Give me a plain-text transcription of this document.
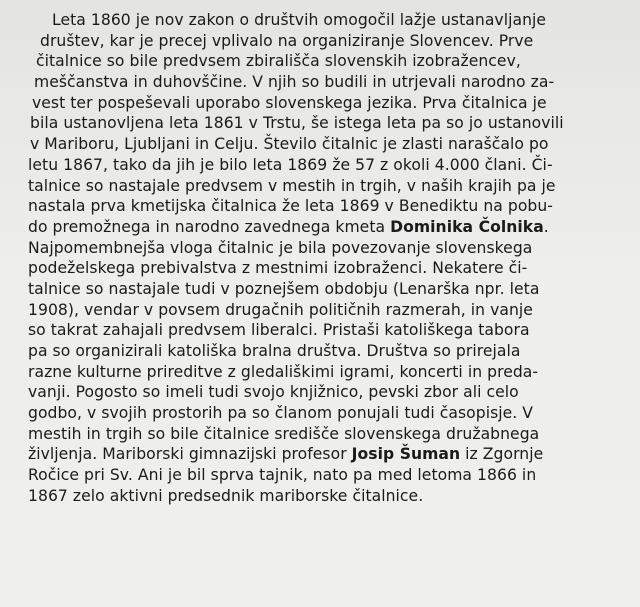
Leta 1860 je nov zakon o društvih omogočil lažje ustanavljanje
društev, kar je precej vplivalo na organiziranje Slovencev. Prve
čitalnice so bile predvsem zbirališča slovenskih izobražencev,
meščanstva in duhovščine. V njih so budili in utrjevali narodno za-
vest ter pospeševali uporabo slovenskega jezika. Prva čitalnica je
bila ustanovljena leta 1861 v Trstu, še istega leta pa so jo ustanovili
v Mariboru, Ljubljani in Celju. Število čitalnic je zlasti naraščalo po
letu 1867, tako da jih je bilo leta 1869 že 57 z okoli 4.000 člani. Či-
talnice so nastajale predvsem v mestih in trgih, v naših krajih pa je
nastala prva kmetijska čitalnica že leta 1869 v Benediktu na pobu-
do premožnega in narodno zavednega kmeta Dominika Čolnika.
Najpomembnejša vloga čitalnic je bila povezovanje slovenskega
podeželskega prebivalstva z mestnimi izobraženci. Nekatere či-
talnice so nastajale tudi v poznejšem obdobju (Lenarška npr. leta
1908), vendar v povsem drugačnih političnih razmerah, in vanje
so takrat zahajali predvsem liberalci. Pristaši katoliškega tabora
pa so organizirali katoliška bralna društva. Društva so prirejala
razne kulturne prireditve z gledališkimi igrami, koncerti in preda-
vanji. Pogosto so imeli tudi svojo knjižnico, pevski zbor ali celo
godbo, v svojih prostorih pa so članom ponujali tudi časopisje. V
mestih in trgih so bile čitalnice središče slovenskega družabnega
življenja. Mariborski gimnazijski profesor Josip Šuman iz Zgornje
Ročice pri Sv. Ani je bil sprva tajnik, nato pa med letoma 1866 in
1867 zelo aktivni predsednik mariborske čitalnice.
